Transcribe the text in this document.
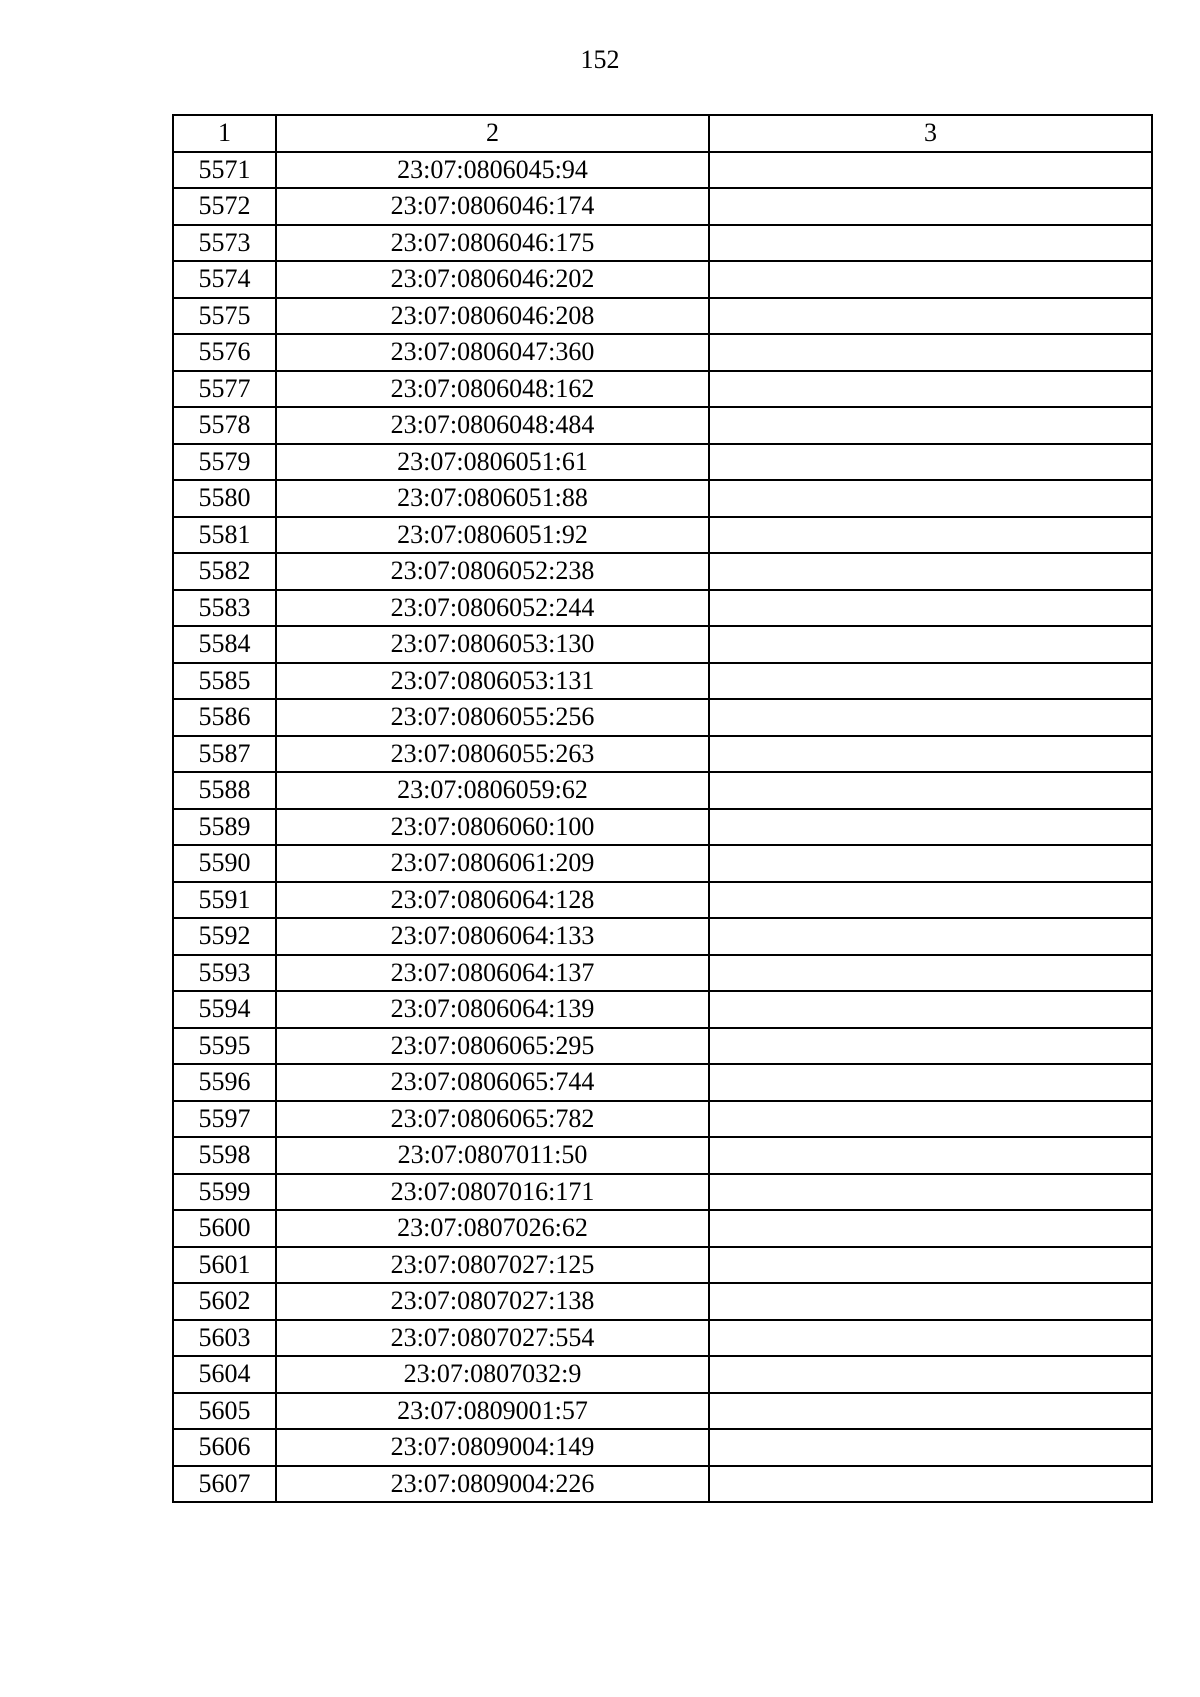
152
1	2	3
5571	23:07:0806045:94	
5572	23:07:0806046:174	
5573	23:07:0806046:175	
5574	23:07:0806046:202	
5575	23:07:0806046:208	
5576	23:07:0806047:360	
5577	23:07:0806048:162	
5578	23:07:0806048:484	
5579	23:07:0806051:61	
5580	23:07:0806051:88	
5581	23:07:0806051:92	
5582	23:07:0806052:238	
5583	23:07:0806052:244	
5584	23:07:0806053:130	
5585	23:07:0806053:131	
5586	23:07:0806055:256	
5587	23:07:0806055:263	
5588	23:07:0806059:62	
5589	23:07:0806060:100	
5590	23:07:0806061:209	
5591	23:07:0806064:128	
5592	23:07:0806064:133	
5593	23:07:0806064:137	
5594	23:07:0806064:139	
5595	23:07:0806065:295	
5596	23:07:0806065:744	
5597	23:07:0806065:782	
5598	23:07:0807011:50	
5599	23:07:0807016:171	
5600	23:07:0807026:62	
5601	23:07:0807027:125	
5602	23:07:0807027:138	
5603	23:07:0807027:554	
5604	23:07:0807032:9	
5605	23:07:0809001:57	
5606	23:07:0809004:149	
5607	23:07:0809004:226	
